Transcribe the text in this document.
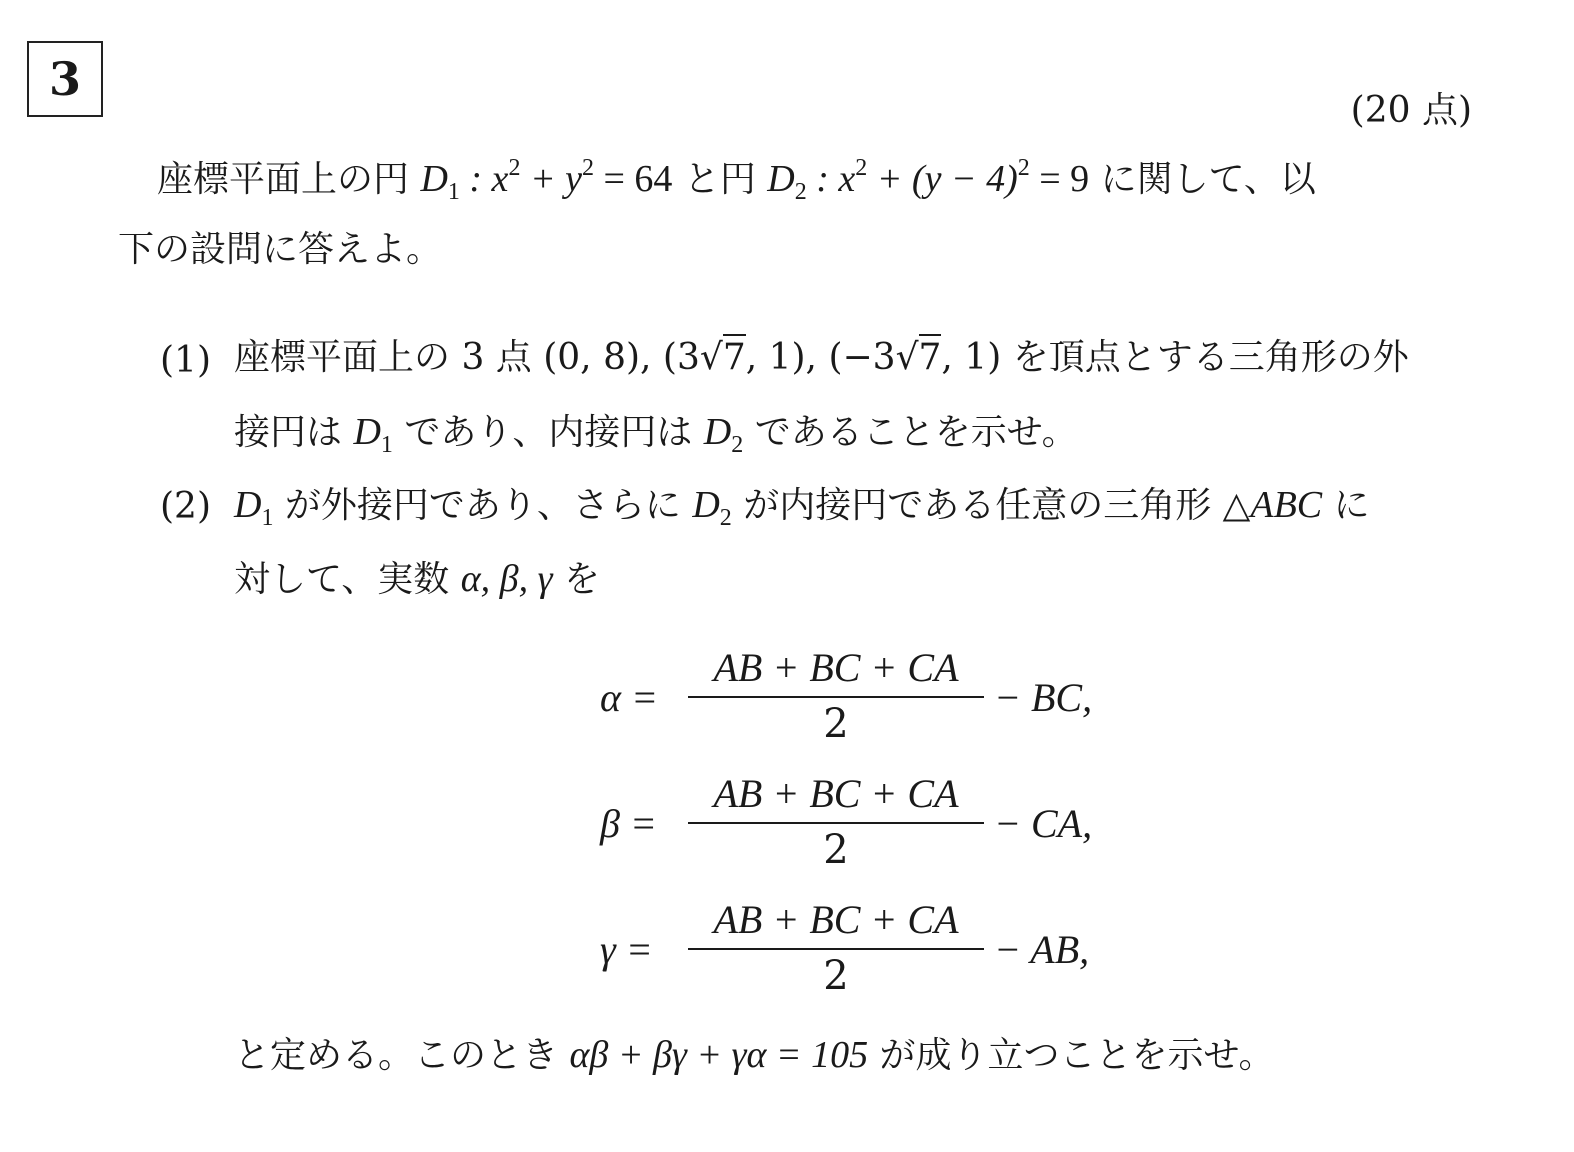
3
(20 点)
座標平面上の円 $D_1$ : $x^2 + y^2 = 64$ と円 $D_2$ : $x^2 + (y - 4)^2 = 9$ に関して、以
下の設問に答えよ。
(1) 座標平面上の 3 点 (0, 8), (3√7, 1), (−3√7, 1) を頂点とする三角形の外
接円は $D_1$ であり、内接円は $D_2$ であることを示せ。
(2) $D_1$ が外接円であり、さらに $D_2$ が内接円である任意の三角形 △ABC に
対して、実数 α, β, γ を
α =
AB + BC + CA
2
− BC,
β =
AB + BC + CA
2
− CA,
γ =
AB + BC + CA
2
− AB,
と定める。このとき αβ + βγ + γα = 105 が成り立つことを示せ。
